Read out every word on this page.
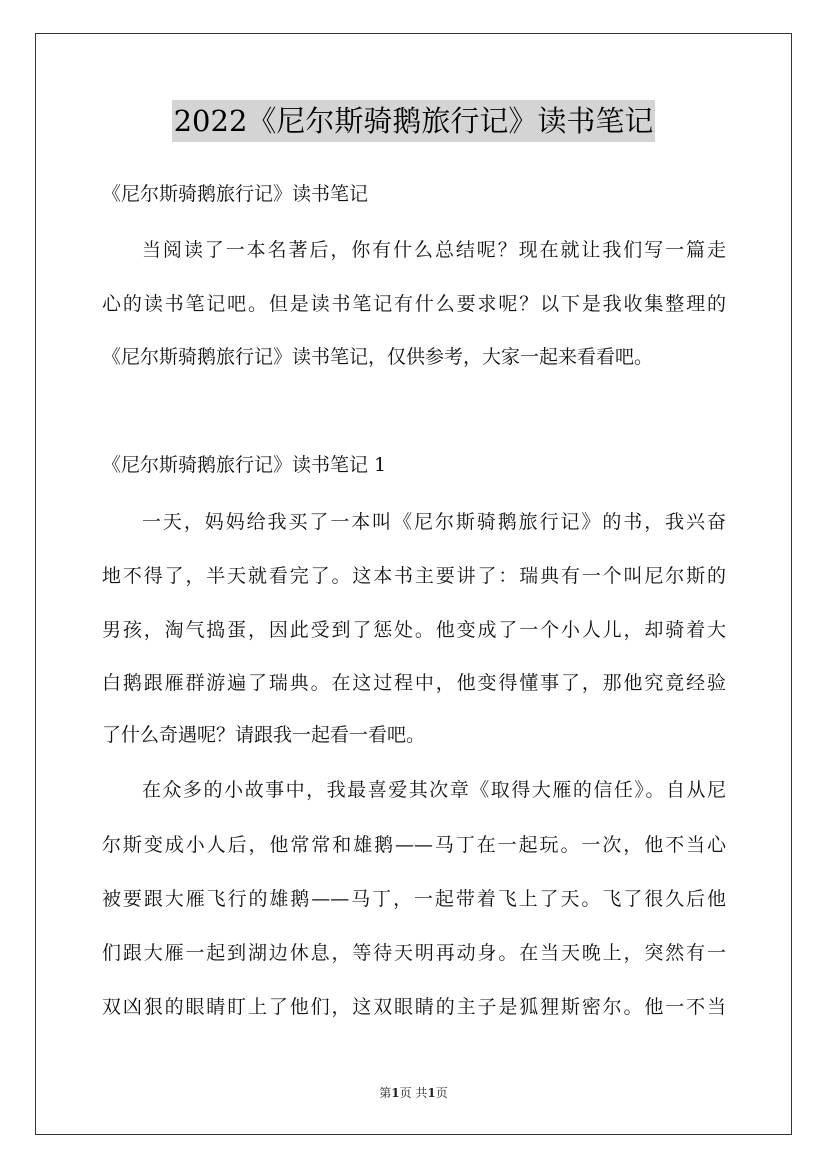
2022《尼尔斯骑鹅旅行记》读书笔记
《尼尔斯骑鹅旅行记》读书笔记
当阅读了一本名著后，你有什么总结呢？现在就让我们写一篇走
心的读书笔记吧。但是读书笔记有什么要求呢？以下是我收集整理的
《尼尔斯骑鹅旅行记》读书笔记，仅供参考，大家一起来看看吧。
《尼尔斯骑鹅旅行记》读书笔记 1
一天，妈妈给我买了一本叫《尼尔斯骑鹅旅行记》的书，我兴奋
地不得了，半天就看完了。这本书主要讲了：瑞典有一个叫尼尔斯的
男孩，淘气捣蛋，因此受到了惩处。他变成了一个小人儿，却骑着大
白鹅跟雁群游遍了瑞典。在这过程中，他变得懂事了，那他究竟经验
了什么奇遇呢？请跟我一起看一看吧。
在众多的小故事中，我最喜爱其次章《取得大雁的信任》。自从尼
尔斯变成小人后，他常常和雄鹅——马丁在一起玩。一次，他不当心
被要跟大雁飞行的雄鹅——马丁，一起带着飞上了天。飞了很久后他
们跟大雁一起到湖边休息，等待天明再动身。在当天晚上，突然有一
双凶狠的眼睛盯上了他们，这双眼睛的主子是狐狸斯密尔。他一不当
第1页 共1页
